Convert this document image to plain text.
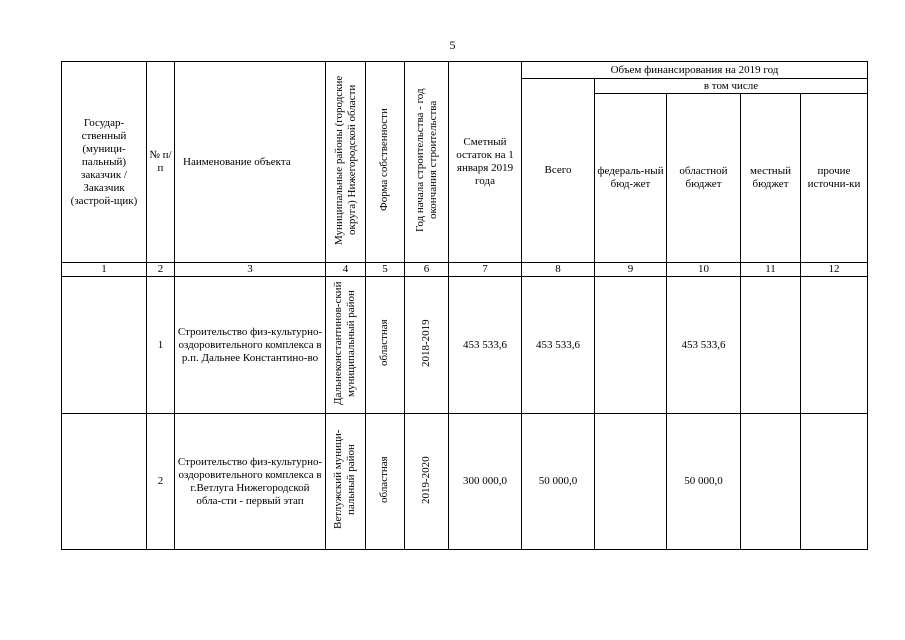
5
Государ-ственный (муници-пальный) заказчик / Заказчик (застрой-щик)	№ п/п	Наименование объекта	Муниципальные районы (городские округа) Нижегородской области	Форма собственности	Год начала строительства - год окончания строительства	Сметный остаток на 1 января 2019 года	Объем финансирования на 2019 год				
							Всего	в том числе			
								федераль-ный бюд-жет	областной бюджет	местный бюджет	прочие источни-ки
1	2	3	4	5	6	7	8	9	10	11	12
	1	Строительство физ-культурно-оздоровительного комплекса в р.п. Дальнее Константино-во	Дальнеконстантинов-ский муниципальный район	областная	2018-2019	453 533,6	453 533,6		453 533,6		
	2	Строительство физ-культурно-оздоровительного комплекса в г.Ветлуга Нижегородской обла-сти - первый этап	Ветлужский муници-пальный район	областная	2019-2020	300 000,0	50 000,0		50 000,0		
